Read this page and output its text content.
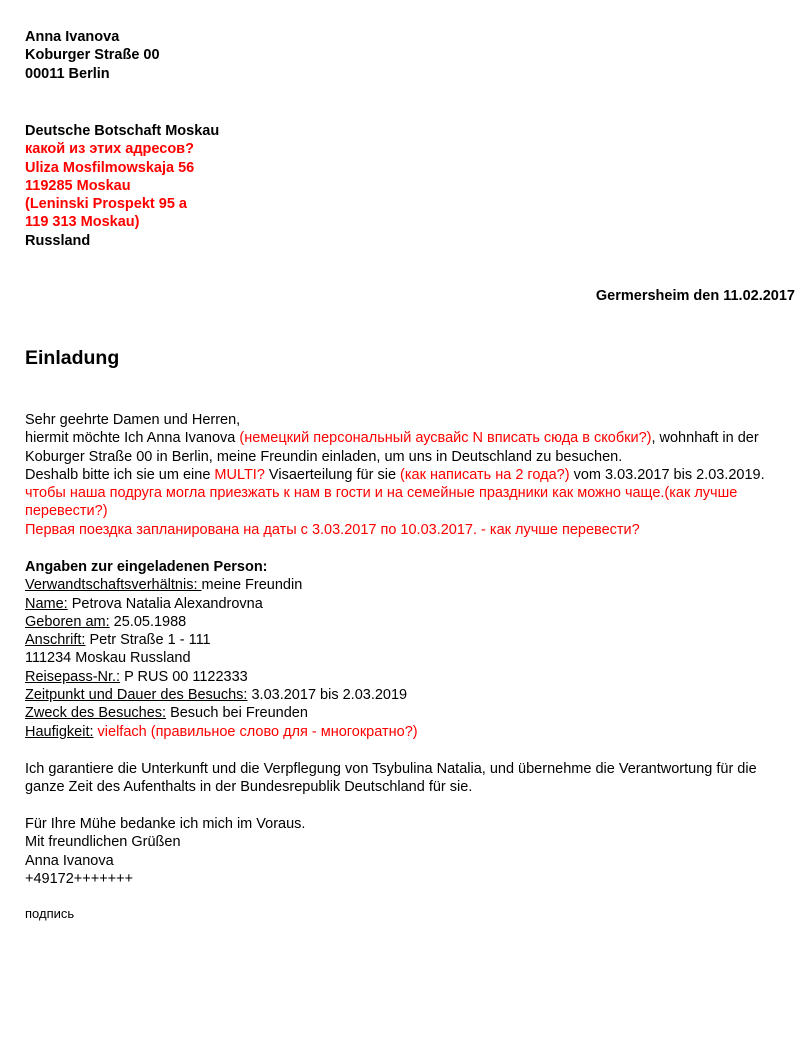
Anna Ivanova
Koburger Straße 00
00011 Berlin
Deutsche Botschaft Moskau
какой из этих адресов?
Uliza Mosfilmowskaja 56
119285 Moskau
(Leninski Prospekt 95 a
119 313 Moskau)
Russland
Germersheim den 11.02.2017
Einladung
Sehr geehrte Damen und Herren,
hiermit möchte Ich Anna Ivanova (немецкий персональный аусвайс N вписать сюда в скобки?), wohnhaft in der Koburger Straße 00 in Berlin, meine Freundin einladen, um uns in Deutschland zu besuchen.
Deshalb bitte ich sie um eine MULTI? Visaerteilung für sie (как написать на 2 года?) vom 3.03.2017 bis 2.03.2019. чтобы наша подруга могла приезжать к нам в гости и на семейные праздники как можно чаще.(как лучше перевести?)
Первая поездка запланирована на даты с 3.03.2017 по 10.03.2017. - как лучше перевести?
Angaben zur eingeladenen Person:
Verwandtschaftsverhältnis: meine Freundin
Name: Petrova Natalia Alexandrovna
Geboren am: 25.05.1988
Anschrift: Petr Straße 1 - 111
111234 Moskau Russland
Reisepass-Nr.: P RUS 00 1122333
Zeitpunkt und Dauer des Besuchs: 3.03.2017 bis 2.03.2019
Zweck des Besuches: Besuch bei Freunden
Haufigkeit: vielfach (правильное слово для - многократно?)
Ich garantiere die Unterkunft und die Verpflegung von Tsybulina Natalia, und übernehme die Verantwortung für die ganze Zeit des Aufenthalts in der Bundesrepublik Deutschland für sie.
Für Ihre Mühe bedanke ich mich im Voraus.
Mit freundlichen Grüßen
Anna Ivanova
+49172+++++++
подпись
